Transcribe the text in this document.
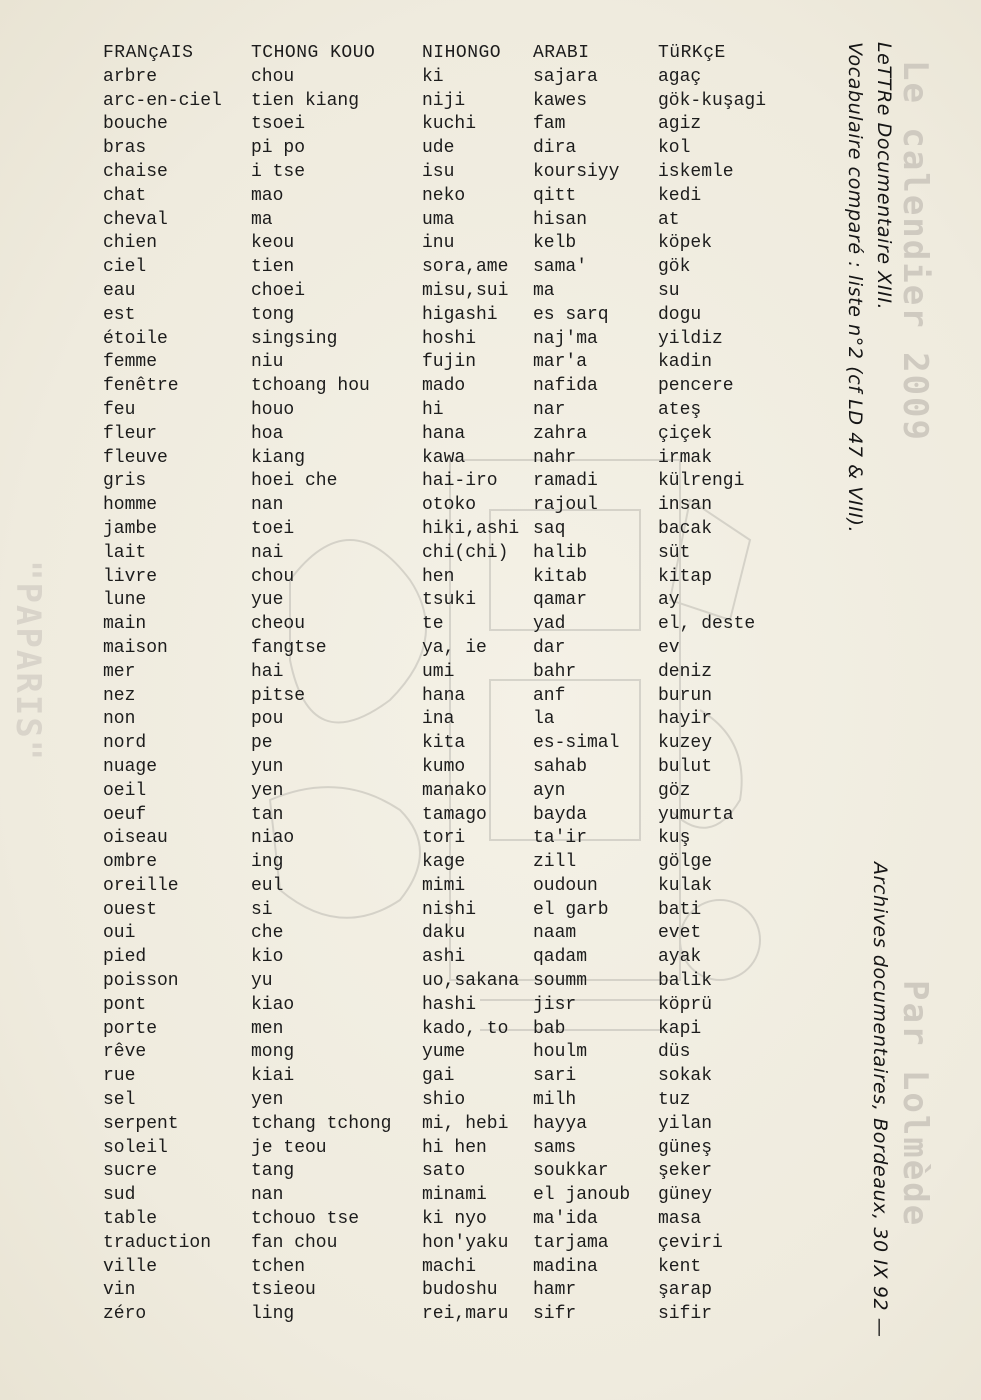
Le calendier 2009
Par Lolmède
"PAPARIS"
FRANçAIS	TCHONG KOUO	NIHONGO	ARABI	TüRKçE
arbre	chou	ki	sajara	agaç
arc-en-ciel	tien kiang	niji	kawes	gök-kuşagi
bouche	tsoei	kuchi	fam	agiz
bras	pi po	ude	dira	kol
chaise	i tse	isu	koursiyy	iskemle
chat	mao	neko	qitt	kedi
cheval	ma	uma	hisan	at
chien	keou	inu	kelb	köpek
ciel	tien	sora,ame	sama'	gök
eau	choei	misu,sui	ma	su
est	tong	higashi	es sarq	dogu
étoile	singsing	hoshi	naj'ma	yildiz
femme	niu	fujin	mar'a	kadin
fenêtre	tchoang hou	mado	nafida	pencere
feu	houo	hi	nar	ateş
fleur	hoa	hana	zahra	çiçek
fleuve	kiang	kawa	nahr	irmak
gris	hoei che	hai-iro	ramadi	külrengi
homme	nan	otoko	rajoul	insan
jambe	toei	hiki,ashi	saq	bacak
lait	nai	chi(chi)	halib	süt
livre	chou	hen	kitab	kitap
lune	yue	tsuki	qamar	ay
main	cheou	te	yad	el, deste
maison	fangtse	ya, ie	dar	ev
mer	hai	umi	bahr	deniz
nez	pitse	hana	anf	burun
non	pou	ina	la	hayir
nord	pe	kita	es-simal	kuzey
nuage	yun	kumo	sahab	bulut
oeil	yen	manako	ayn	göz
oeuf	tan	tamago	bayda	yumurta
oiseau	niao	tori	ta'ir	kuş
ombre	ing	kage	zill	gölge
oreille	eul	mimi	oudoun	kulak
ouest	si	nishi	el garb	bati
oui	che	daku	naam	evet
pied	kio	ashi	qadam	ayak
poisson	yu	uo,sakana	soumm	balik
pont	kiao	hashi	jisr	köprü
porte	men	kado, to	bab	kapi
rêve	mong	yume	houlm	düs
rue	kiai	gai	sari	sokak
sel	yen	shio	milh	tuz
serpent	tchang tchong	mi, hebi	hayya	yilan
soleil	je teou	hi hen	sams	güneş
sucre	tang	sato	soukkar	şeker
sud	nan	minami	el janoub	güney
table	tchouo tse	ki nyo	ma'ida	masa
traduction	fan chou	hon'yaku	tarjama	çeviri
ville	tchen	machi	madina	kent
vin	tsieou	budoshu	hamr	şarap
zéro	ling	rei,maru	sifr	sifir
LeTTRe Documentaire XIII.
Vocabulaire comparé : liste n°2 (cf LD 47 & VIII).
Archives documentaires, Bordeaux, 30 IX 92 —
